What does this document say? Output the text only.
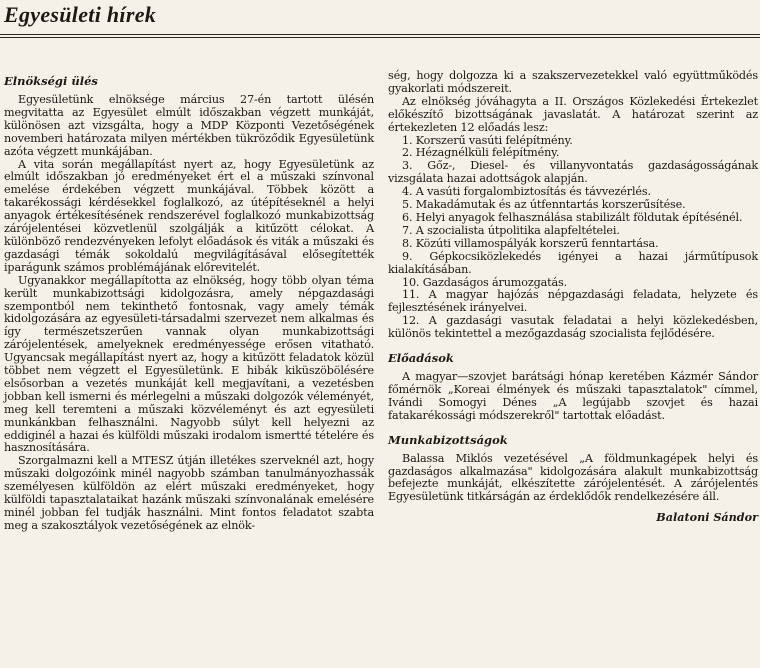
Egyesületi hírek
Elnökségi ülés

Egyesületünk elnöksége március 27-én tartott ülésén megvitatta az Egyesület elmúlt időszakban végzett munkáját, különösen azt vizsgálta, hogy a MDP Központi Vezetőségének novemberi határozata milyen mértékben tükröződik Egyesületünk azóta végzett munkájában.

A vita során megállapítást nyert az, hogy Egyesületünk az elmúlt időszakban jó eredményeket ért el a műszaki színvonal emelése érdekében végzett munkájával. Többek között a takarékossági kérdésekkel foglalkozó, az útépítéseknél a helyi anyagok értékesítésének rendszerével foglalkozó munkabizottság zárójelentései közvetlenül szolgálják a kitűzött célokat. A különböző rendezvényeken lefolyt előadások és viták a műszaki és gazdasági témák sokoldalú megvilágításával elősegítették iparágunk számos problémájának előrevitelét.

Ugyanakkor megállapította az elnökség, hogy több olyan téma került munkabizottsági kidolgozásra, amely népgazdasági szempontból nem tekinthető fontosnak, vagy amely témák kidolgozására az egyesületi-társadalmi szervezet nem alkalmas és így természetszerűen vannak olyan munkabizottsági zárójelentések, amelyeknek eredményessége erősen vitatható. Ugyancsak megállapítást nyert az, hogy a kitűzött feladatok közül többet nem végzett el Egyesületünk. E hibák kiküszöbölésére elsősorban a vezetés munkáját kell megjavítani, a vezetésben jobban kell ismerni és mérlegelni a műszaki dolgozók véleményét, meg kell teremteni a műszaki közvéleményt és azt egyesületi munkánkban felhasználni. Nagyobb súlyt kell helyezni az eddiginél a hazai és külföldi műszaki irodalom ismertté tételére és hasznosítására.

Szorgalmazni kell a MTESZ útján illetékes szerveknél azt, hogy műszaki dolgozóink minél nagyobb számban tanulmányozhassák személyesen külföldön az elért műszaki eredményeket, hogy külföldi tapasztalataikat hazánk műszaki színvonalának emelésére minél jobban fel tudják használni. Mint fontos feladatot szabta meg a szakosztályok vezetőségének az elnök-

ség, hogy dolgozza ki a szakszervezetekkel való együttműködés gyakorlati módszereit.

Az elnökség jóváhagyta a II. Országos Közlekedési Értekezlet előkészítő bizottságának javaslatát. A határozat szerint az értekezleten 12 előadás lesz:

1. Korszerű vasúti felépítmény.
2. Hézagnélküli felépítmény.
3. Gőz-, Diesel- és villanyvontatás gazdaságosságának vizsgálata hazai adottságok alapján.
4. A vasúti forgalombiztosítás és távvezérlés.
5. Makadámutak és az útfenntartás korszerűsítése.
6. Helyi anyagok felhasználása stabilizált földutak építésénél.
7. A szocialista útpolitika alapfeltételei.
8. Közúti villamospályák korszerű fenntartása.
9. Gépkocsiközlekedés igényei a hazai járműtípusok kialakításában.
10. Gazdaságos árumozgatás.
11. A magyar hajózás népgazdasági feladata, helyzete és fejlesztésének irányelvei.
12. A gazdasági vasutak feladatai a helyi közlekedésben, különös tekintettel a mezőgazdaság szocialista fejlődésére.
Előadások

A magyar—szovjet barátsági hónap keretében Kázmér Sándor főmérnök „Koreai élmények és műszaki tapasztalatok" címmel, Ivándi Somogyi Dénes „A legújabb szovjet és hazai fatakarékossági módszerekről" tartottak előadást.

Munkabizottságok

Balassa Miklós vezetésével „A földmunkagépek helyi és gazdaságos alkalmazása" kidolgozására alakult munkabizottság befejezte munkáját, elkészítette zárójelentését. A zárójelentés Egyesületünk titkárságán az érdeklődők rendelkezésére áll.

Balatoni Sándor
